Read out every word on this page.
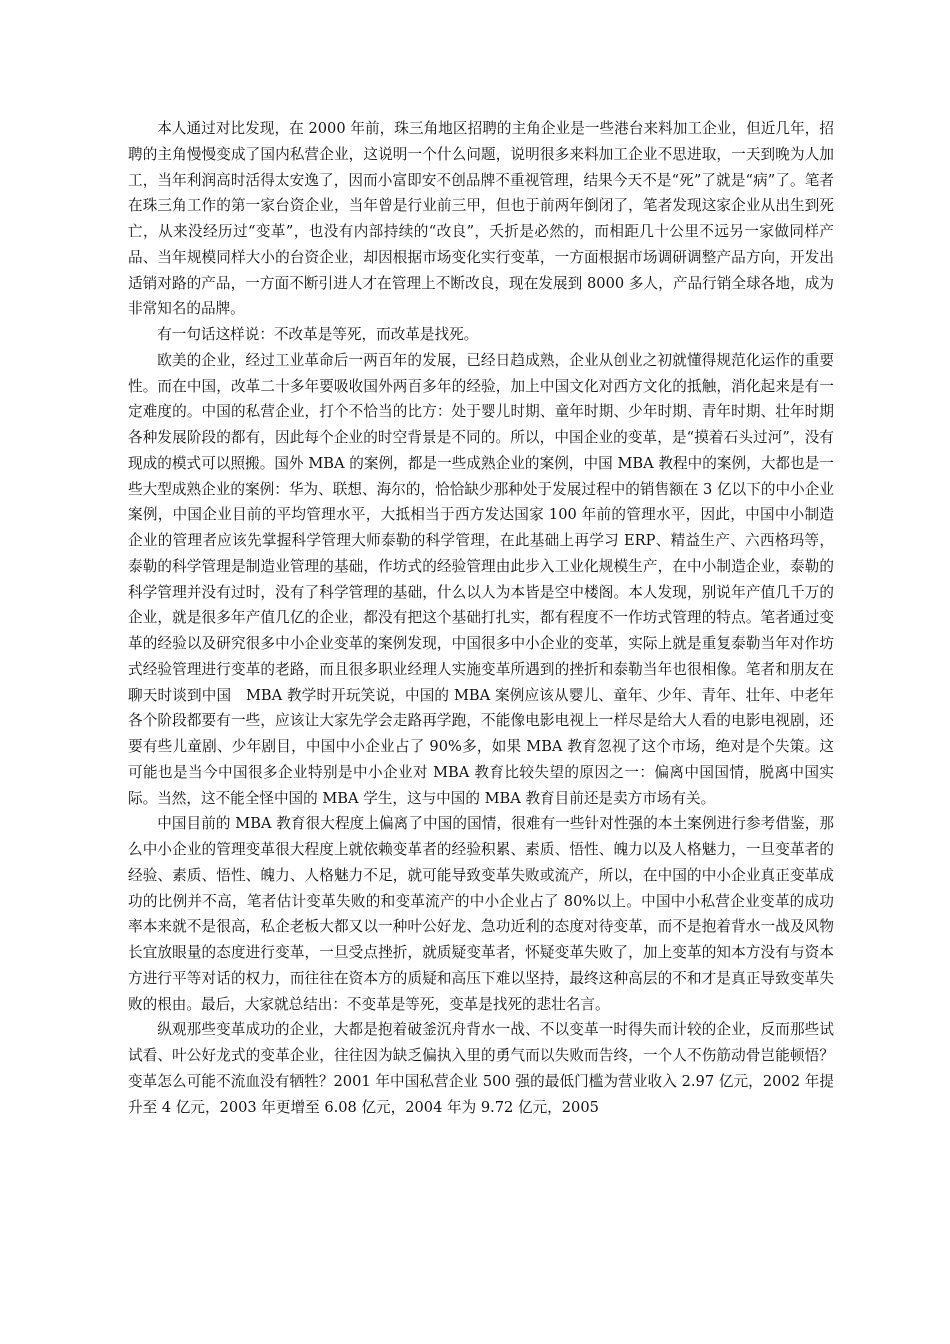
本人通过对比发现，在 2000 年前，珠三角地区招聘的主角企业是一些港台来料加工企业，但近几年，招聘的主角慢慢变成了国内私营企业，这说明一个什么问题，说明很多来料加工企业不思进取，一天到晚为人加工，当年利润高时活得太安逸了，因而小富即安不创品牌不重视管理，结果今天不是“死”了就是“病”了。笔者在珠三角工作的第一家台资企业，当年曾是行业前三甲，但也于前两年倒闭了，笔者发现这家企业从出生到死亡，从来没经历过“变革”，也没有内部持续的“改良”，夭折是必然的，而相距几十公里不远另一家做同样产品、当年规模同样大小的台资企业，却因根据市场变化实行变革，一方面根据市场调研调整产品方向，开发出适销对路的产品，一方面不断引进人才在管理上不断改良，现在发展到 8000 多人，产品行销全球各地，成为非常知名的品牌。

有一句话这样说：不改革是等死，而改革是找死。

欧美的企业，经过工业革命后一两百年的发展，已经日趋成熟，企业从创业之初就懂得规范化运作的重要性。而在中国，改革二十多年要吸收国外两百多年的经验，加上中国文化对西方文化的抵触，消化起来是有一定难度的。中国的私营企业，打个不恰当的比方：处于婴儿时期、童年时期、少年时期、青年时期、壮年时期各种发展阶段的都有，因此每个企业的时空背景是不同的。所以，中国企业的变革，是“摸着石头过河”，没有现成的模式可以照搬。国外 MBA 的案例，都是一些成熟企业的案例，中国 MBA 教程中的案例，大都也是一些大型成熟企业的案例：华为、联想、海尔的，恰恰缺少那种处于发展过程中的销售额在 3 亿以下的中小企业案例，中国企业目前的平均管理水平，大抵相当于西方发达国家 100 年前的管理水平，因此，中国中小制造企业的管理者应该先掌握科学管理大师泰勒的科学管理，在此基础上再学习 ERP、精益生产、六西格玛等，泰勒的科学管理是制造业管理的基础，作坊式的经验管理由此步入工业化规模生产，在中小制造企业，泰勒的科学管理并没有过时，没有了科学管理的基础，什么以人为本皆是空中楼阁。本人发现，别说年产值几千万的企业，就是很多年产值几亿的企业，都没有把这个基础打扎实，都有程度不一作坊式管理的特点。笔者通过变革的经验以及研究很多中小企业变革的案例发现，中国很多中小企业的变革，实际上就是重复泰勒当年对作坊式经验管理进行变革的老路，而且很多职业经理人实施变革所遇到的挫折和泰勒当年也很相像。笔者和朋友在聊天时谈到中国　MBA 教学时开玩笑说，中国的 MBA 案例应该从婴儿、童年、少年、青年、壮年、中老年各个阶段都要有一些，应该让大家先学会走路再学跑，不能像电影电视上一样尽是给大人看的电影电视剧，还要有些儿童剧、少年剧目，中国中小企业占了 90%多，如果 MBA 教育忽视了这个市场，绝对是个失策。这可能也是当今中国很多企业特别是中小企业对 MBA 教育比较失望的原因之一：偏离中国国情，脱离中国实际。当然，这不能全怪中国的 MBA 学生，这与中国的 MBA 教育目前还是卖方市场有关。

中国目前的 MBA 教育很大程度上偏离了中国的国情，很难有一些针对性强的本土案例进行参考借鉴，那么中小企业的管理变革很大程度上就依赖变革者的经验积累、素质、悟性、魄力以及人格魅力，一旦变革者的经验、素质、悟性、魄力、人格魅力不足，就可能导致变革失败或流产，所以，在中国的中小企业真正变革成功的比例并不高，笔者估计变革失败的和变革流产的中小企业占了 80%以上。中国中小私营企业变革的成功率本来就不是很高，私企老板大都又以一种叶公好龙、急功近利的态度对待变革，而不是抱着背水一战及风物长宜放眼量的态度进行变革，一旦受点挫折，就质疑变革者，怀疑变革失败了，加上变革的知本方没有与资本方进行平等对话的权力，而往往在资本方的质疑和高压下难以坚持，最终这种高层的不和才是真正导致变革失败的根由。最后，大家就总结出：不变革是等死，变革是找死的悲壮名言。

纵观那些变革成功的企业，大都是抱着破釜沉舟背水一战、不以变革一时得失而计较的企业，反而那些试试看、叶公好龙式的变革企业，往往因为缺乏偏执入里的勇气而以失败而告终，一个人不伤筋动骨岂能顿悟？变革怎么可能不流血没有牺牲？2001 年中国私营企业 500 强的最低门槛为营业收入 2.97 亿元，2002 年提升至 4 亿元，2003 年更增至 6.08 亿元，2004 年为 9.72 亿元，2005
